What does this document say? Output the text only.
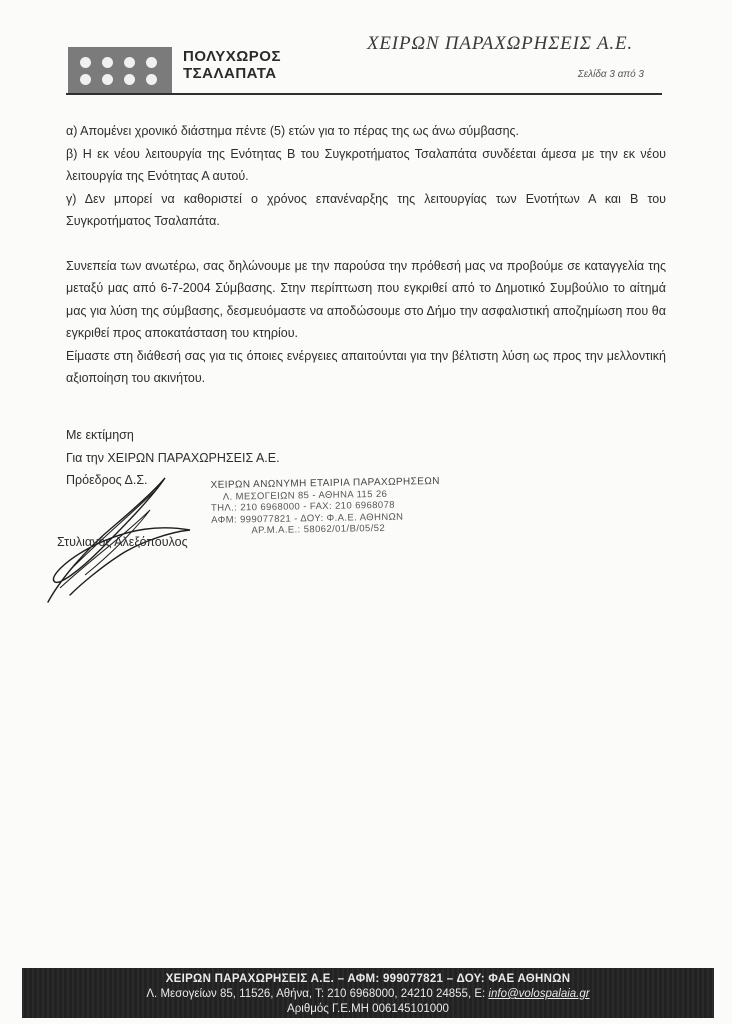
ΠΟΛΥΧΩΡΟΣ
ΤΣΑΛΑΠΑΤΑ
ΧΕΙΡΩΝ ΠΑΡΑΧΩΡΗΣΕΙΣ Α.Ε.
Σελίδα 3 από 3

α) Απομένει χρονικό διάστημα πέντε (5) ετών για το πέρας της ως άνω σύμβασης.

β) Η εκ νέου λειτουργία της Ενότητας Β του Συγκροτήματος Τσαλαπάτα συνδέεται άμεσα με την εκ νέου λειτουργία της Ενότητας Α αυτού.

γ) Δεν μπορεί να καθοριστεί ο χρόνος επανέναρξης της λειτουργίας των Ενοτήτων Α και Β του Συγκροτήματος Τσαλαπάτα.

Συνεπεία των ανωτέρω, σας δηλώνουμε με την παρούσα την πρόθεσή μας να προβούμε σε καταγγελία της μεταξύ μας από 6-7-2004 Σύμβασης. Στην περίπτωση που εγκριθεί από το Δημοτικό Συμβούλιο το αίτημά μας για λύση της σύμβασης, δεσμευόμαστε να αποδώσουμε στο Δήμο την ασφαλιστική αποζημίωση που θα εγκριθεί προς αποκατάσταση του κτηρίου.

Είμαστε στη διάθεσή σας για τις όποιες ενέργειες απαιτούνται για την βέλτιστη λύση ως προς την μελλοντική αξιοποίηση του ακινήτου.

Με εκτίμηση

Για την ΧΕΙΡΩΝ ΠΑΡΑΧΩΡΗΣΕΙΣ Α.Ε.

Πρόεδρος Δ.Σ.

Στυλιανός Αλεξόπουλος
ΧΕΙΡΩΝ ΑΝΩΝΥΜΗ ΕΤΑΙΡΙΑ ΠΑΡΑΧΩΡΗΣΕΩΝ
Λ. ΜΕΣΟΓΕΙΩΝ 85 - ΑΘΗΝΑ 115 26
ΤΗΛ.: 210 6968000 - FAX: 210 6968078
ΑΦΜ: 999077821 - ΔΟΥ: Φ.Α.Ε. ΑΘΗΝΩΝ
ΑΡ.Μ.Α.Ε.: 58062/01/Β/05/52
ΧΕΙΡΩΝ ΠΑΡΑΧΩΡΗΣΕΙΣ Α.Ε. – ΑΦΜ: 999077821 – ΔΟΥ: ΦΑΕ ΑΘΗΝΩΝ
Λ. Μεσογείων 85, 11526, Αθήνα, Τ: 210 6968000, 24210 24855, Ε: info@volospalaia.gr
Αριθμός Γ.Ε.ΜΗ 006145101000
